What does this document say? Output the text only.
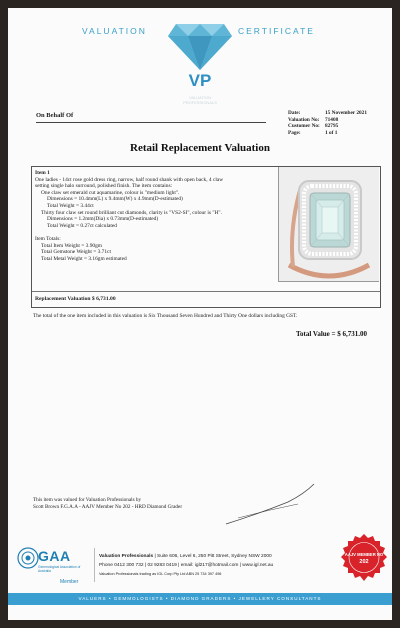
VALUATION	CERTIFICATE
VP
VALUATION PROFESSIONALS
On Behalf Of	Date:	15 November 2021
Valuation No:	71408
Customer No: 82795
Page:	1 of 1
Retail Replacement Valuation
Item 1
One ladies - 14ct rose gold dress ring, narrow, half round shank with open back, 4 claw
setting single halo surround, polished finish. The item contains:
One claw set emerald cut aquamarine, colour is "medium light".
Dimensions = 10.4mm(L) x 9.4mm(W) x 4.9mm(D-estimated)
Total Weight = 3.44ct
Thirty four claw set round brilliant cut diamonds, clarity is "VS2-SI", colour is "H".
Dimensions = 1.2mm(Dia) x 0.73mm(D-estimated)
Total Weight = 0.27ct calculated
Item Totals:
Total Item Weight = 3.90gm
Total Gemstone Weight = 3.71ct
Total Metal Weight = 3.16gm estimated
Replacement Valuation $ 6,731.00
The total of the one item included in this valuation is Six Thousand Seven Hundred and Thirty One dollars including GST.
Total Value = $ 6,731.00
This item was valued for Valuation Professionals by
Scott Brown F.G.A.A - AAJV Member No 202 - HRD Diamond Grader
GAA
Gemmological Association of Australia
Member
Valuation Professionals | Suite 606, Level 6, 250 Pitt Street, Sydney NSW 2000
Phone 0412 300 732 | 02 9283 0419 | email: igl217@hotmail.com | www.igl.net.au
Valuation Professionals trading as IGL Corp Pty Ltd ABN 25 734 397 496
AAJV MEMBER NO
202
VALUERS • GEMMOLOGISTS • DIAMOND GRADERS • JEWELLERY CONSULTANTS
